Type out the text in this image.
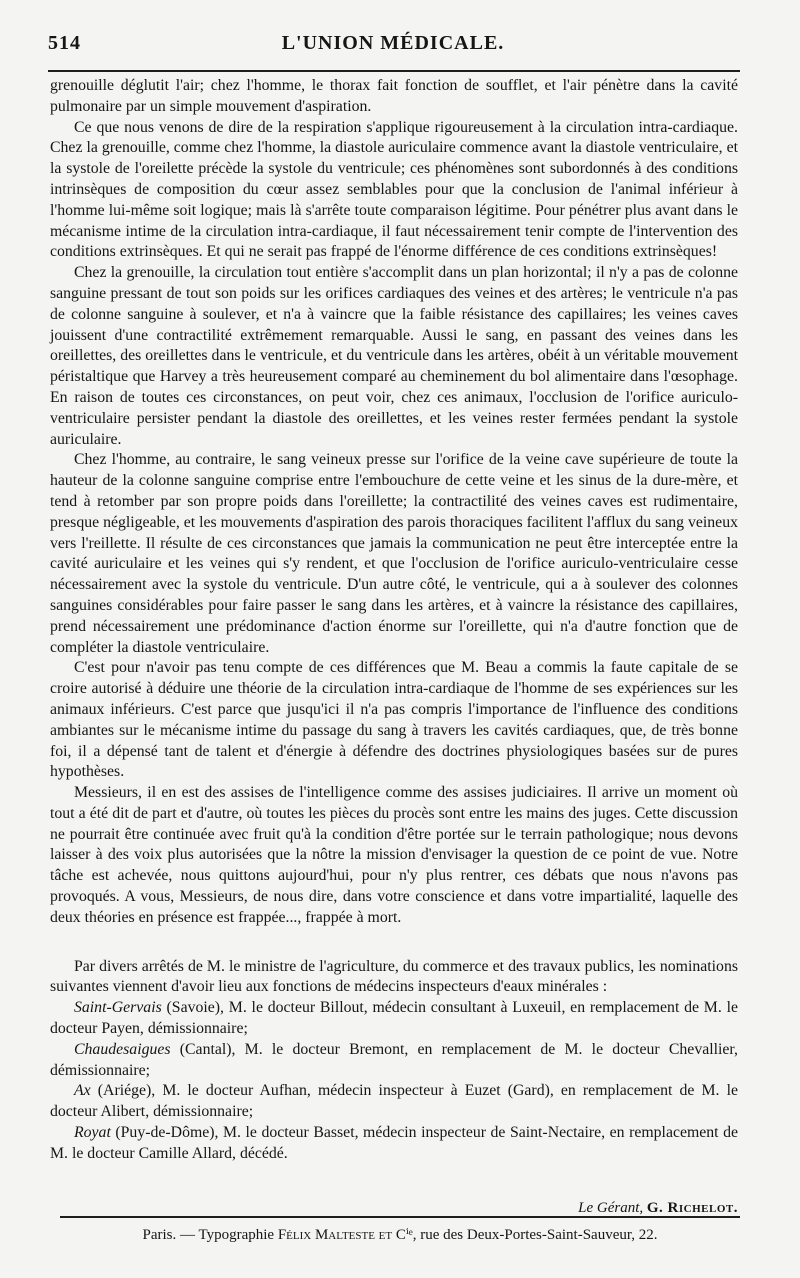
514	L'UNION MÉDICALE.

grenouille déglutit l'air; chez l'homme, le thorax fait fonction de soufflet, et l'air pénètre dans la cavité pulmonaire par un simple mouvement d'aspiration.

Ce que nous venons de dire de la respiration s'applique rigoureusement à la circulation intra-cardiaque. Chez la grenouille, comme chez l'homme, la diastole auriculaire commence avant la diastole ventriculaire, et la systole de l'oreilette précède la systole du ventricule; ces phénomènes sont subordonnés à des conditions intrinsèques de composition du cœur assez semblables pour que la conclusion de l'animal inférieur à l'homme lui-même soit logique; mais là s'arrête toute comparaison légitime. Pour pénétrer plus avant dans le mécanisme intime de la circulation intra-cardiaque, il faut nécessairement tenir compte de l'intervention des conditions extrinsèques. Et qui ne serait pas frappé de l'énorme différence de ces conditions extrinsèques!

Chez la grenouille, la circulation tout entière s'accomplit dans un plan horizontal; il n'y a pas de colonne sanguine pressant de tout son poids sur les orifices cardiaques des veines et des artères; le ventricule n'a pas de colonne sanguine à soulever, et n'a à vaincre que la faible résistance des capillaires; les veines caves jouissent d'une contractilité extrêmement remarquable. Aussi le sang, en passant des veines dans les oreillettes, des oreillettes dans le ventricule, et du ventricule dans les artères, obéit à un véritable mouvement péristaltique que Harvey a très heureusement comparé au cheminement du bol alimentaire dans l'œsophage. En raison de toutes ces circonstances, on peut voir, chez ces animaux, l'occlusion de l'orifice auriculo-ventriculaire persister pendant la diastole des oreillettes, et les veines rester fermées pendant la systole auriculaire.

Chez l'homme, au contraire, le sang veineux presse sur l'orifice de la veine cave supérieure de toute la hauteur de la colonne sanguine comprise entre l'embouchure de cette veine et les sinus de la dure-mère, et tend à retomber par son propre poids dans l'oreillette; la contractilité des veines caves est rudimentaire, presque négligeable, et les mouvements d'aspiration des parois thoraciques facilitent l'afflux du sang veineux vers l'reillette. Il résulte de ces circonstances que jamais la communication ne peut être interceptée entre la cavité auriculaire et les veines qui s'y rendent, et que l'occlusion de l'orifice auriculo-ventriculaire cesse nécessairement avec la systole du ventricule. D'un autre côté, le ventricule, qui a à soulever des colonnes sanguines considérables pour faire passer le sang dans les artères, et à vaincre la résistance des capillaires, prend nécessairement une prédominance d'action énorme sur l'oreillette, qui n'a d'autre fonction que de compléter la diastole ventriculaire.

C'est pour n'avoir pas tenu compte de ces différences que M. Beau a commis la faute capitale de se croire autorisé à déduire une théorie de la circulation intra-cardiaque de l'homme de ses expériences sur les animaux inférieurs. C'est parce que jusqu'ici il n'a pas compris l'importance de l'influence des conditions ambiantes sur le mécanisme intime du passage du sang à travers les cavités cardiaques, que, de très bonne foi, il a dépensé tant de talent et d'énergie à défendre des doctrines physiologiques basées sur de pures hypothèses.

Messieurs, il en est des assises de l'intelligence comme des assises judiciaires. Il arrive un moment où tout a été dit de part et d'autre, où toutes les pièces du procès sont entre les mains des juges. Cette discussion ne pourrait être continuée avec fruit qu'à la condition d'être portée sur le terrain pathologique; nous devons laisser à des voix plus autorisées que la nôtre la mission d'envisager la question de ce point de vue. Notre tâche est achevée, nous quittons aujourd'hui, pour n'y plus rentrer, ces débats que nous n'avons pas provoqués. A vous, Messieurs, de nous dire, dans votre conscience et dans votre impartialité, laquelle des deux théories en présence est frappée..., frappée à mort.

Par divers arrêtés de M. le ministre de l'agriculture, du commerce et des travaux publics, les nominations suivantes viennent d'avoir lieu aux fonctions de médecins inspecteurs d'eaux minérales :

Saint-Gervais (Savoie), M. le docteur Billout, médecin consultant à Luxeuil, en remplacement de M. le docteur Payen, démissionnaire;

Chaudesaigues (Cantal), M. le docteur Bremont, en remplacement de M. le docteur Chevallier, démissionnaire;

Ax (Ariége), M. le docteur Aufhan, médecin inspecteur à Euzet (Gard), en remplacement de M. le docteur Alibert, démissionnaire;

Royat (Puy-de-Dôme), M. le docteur Basset, médecin inspecteur de Saint-Nectaire, en remplacement de M. le docteur Camille Allard, décédé.

Le Gérant, G. Richelot.
Paris. — Typographie Félix Malteste et Cⁱᵉ, rue des Deux-Portes-Saint-Sauveur, 22.
